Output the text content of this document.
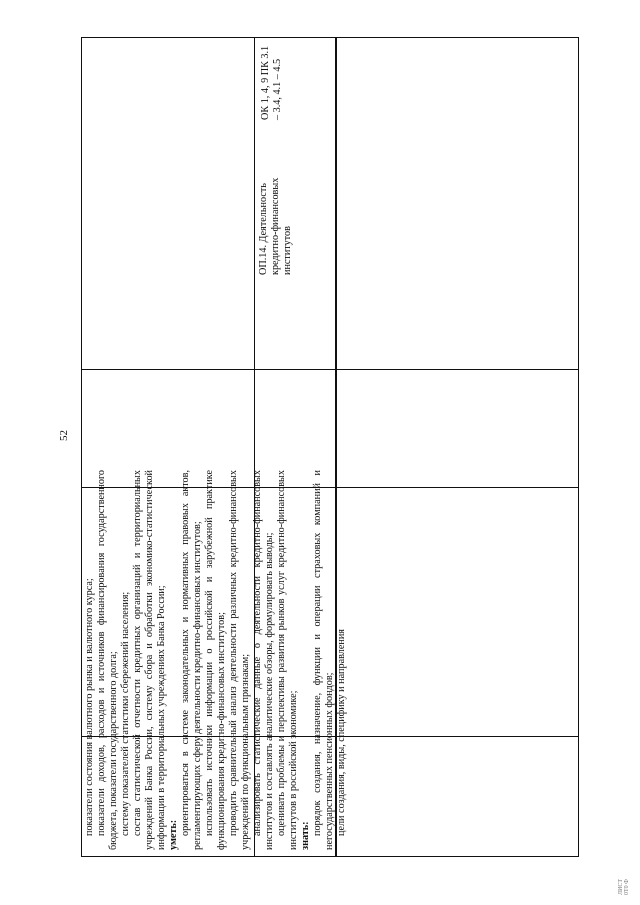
52

показатели состояния валютного рынка и валютного курса; показатели доходов, расходов и источников финансирования государственного бюджета, показатели государственного долга; систему показателей статистики сбережений населения; состав статистической отчетности кредитных организаций и территориальных учреждений Банка России, систему сбора и обработки экономико-статистической информации в территориальных учреждениях Банка России; уметь: ориентироваться в системе законодательных и нормативных правовых актов, регламентирующих сферу деятельности кредитно-финансовых институтов; использовать источники информации о российской и зарубежной практике функционирования кредитно-финансовых институтов; проводить сравнительный анализ деятельности различных кредитно-финансовых учреждений по функциональным признакам; анализировать статистические данные о деятельности кредитно-финансовых институтов и составлять аналитические обзоры, формулировать выводы; оценивать проблемы и перспективы развития рынков услуг кредитно-финансовых институтов в российской экономике; знать: порядок создания, назначение, функции и операции страховых компаний и негосударственных пенсионных фондов; цели создания, виды, специфику и направления

ОП.14. Деятельность кредитно-финансовых институтов

ОК 1, 4, 9 ПК 3.1 – 3.4, 4.1 – 4.5

ЛИСТ 0Т0 Ф
